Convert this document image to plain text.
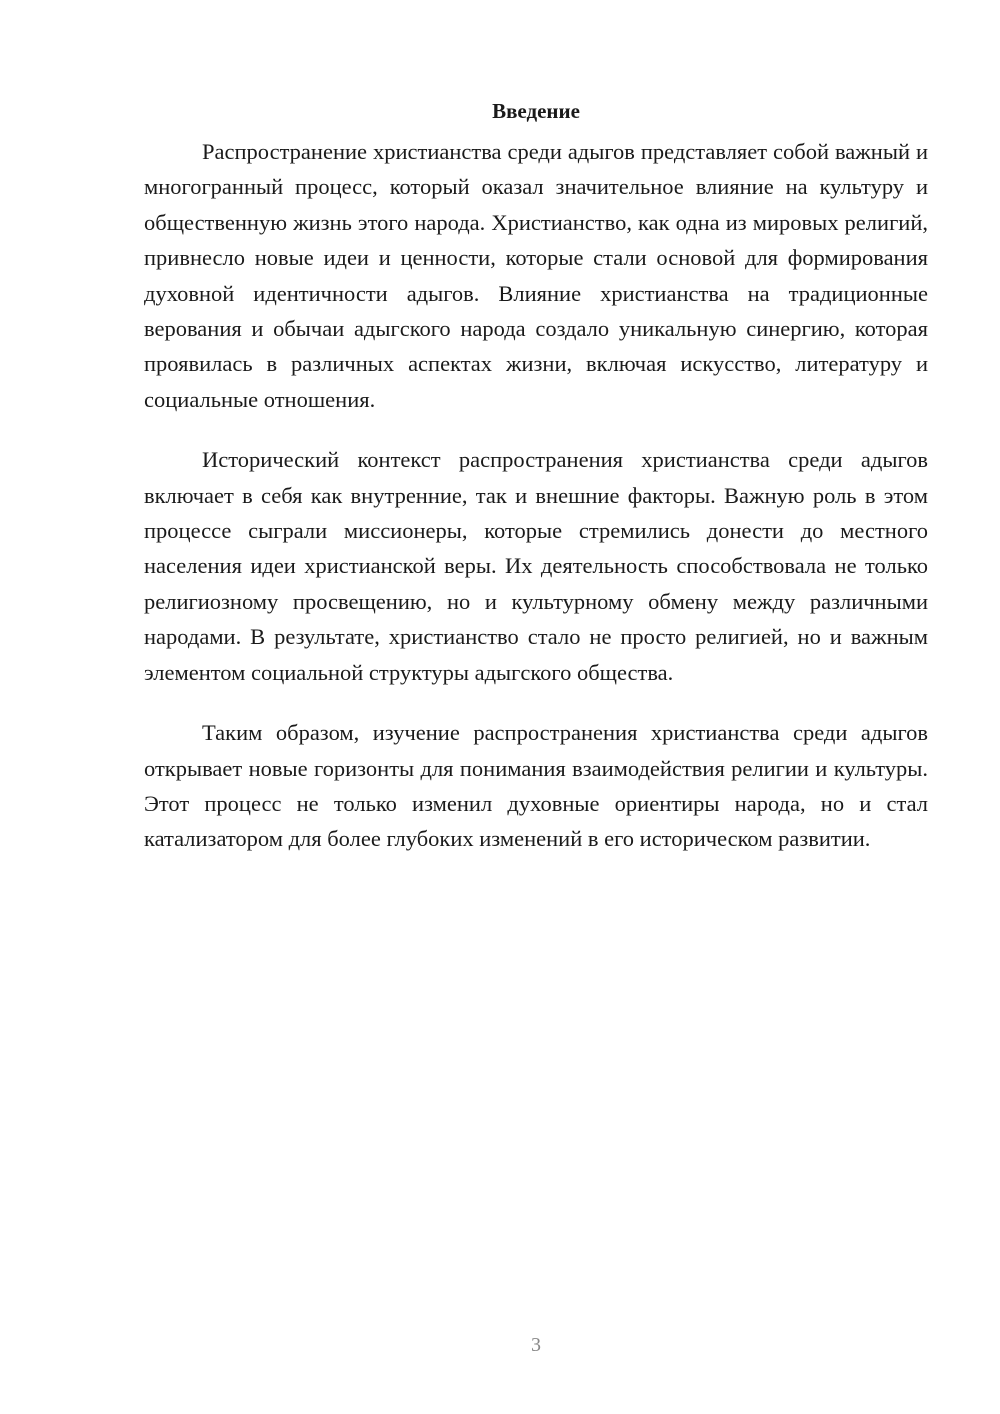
Введение

Распространение христианства среди адыгов представляет собой важный и многогранный процесс, который оказал значительное влияние на культуру и общественную жизнь этого народа. Христианство, как одна из мировых религий, привнесло новые идеи и ценности, которые стали основой для формирования духовной идентичности адыгов. Влияние христианства на традиционные верования и обычаи адыгского народа создало уникальную синергию, которая проявилась в различных аспектах жизни, включая искусство, литературу и социальные отношения.

Исторический контекст распространения христианства среди адыгов включает в себя как внутренние, так и внешние факторы. Важную роль в этом процессе сыграли миссионеры, которые стремились донести до местного населения идеи христианской веры. Их деятельность способствовала не только религиозному просвещению, но и культурному обмену между различными народами. В результате, христианство стало не просто религией, но и важным элементом социальной структуры адыгского общества.

Таким образом, изучение распространения христианства среди адыгов открывает новые горизонты для понимания взаимодействия религии и культуры. Этот процесс не только изменил духовные ориентиры народа, но и стал катализатором для более глубоких изменений в его историческом развитии.

3
